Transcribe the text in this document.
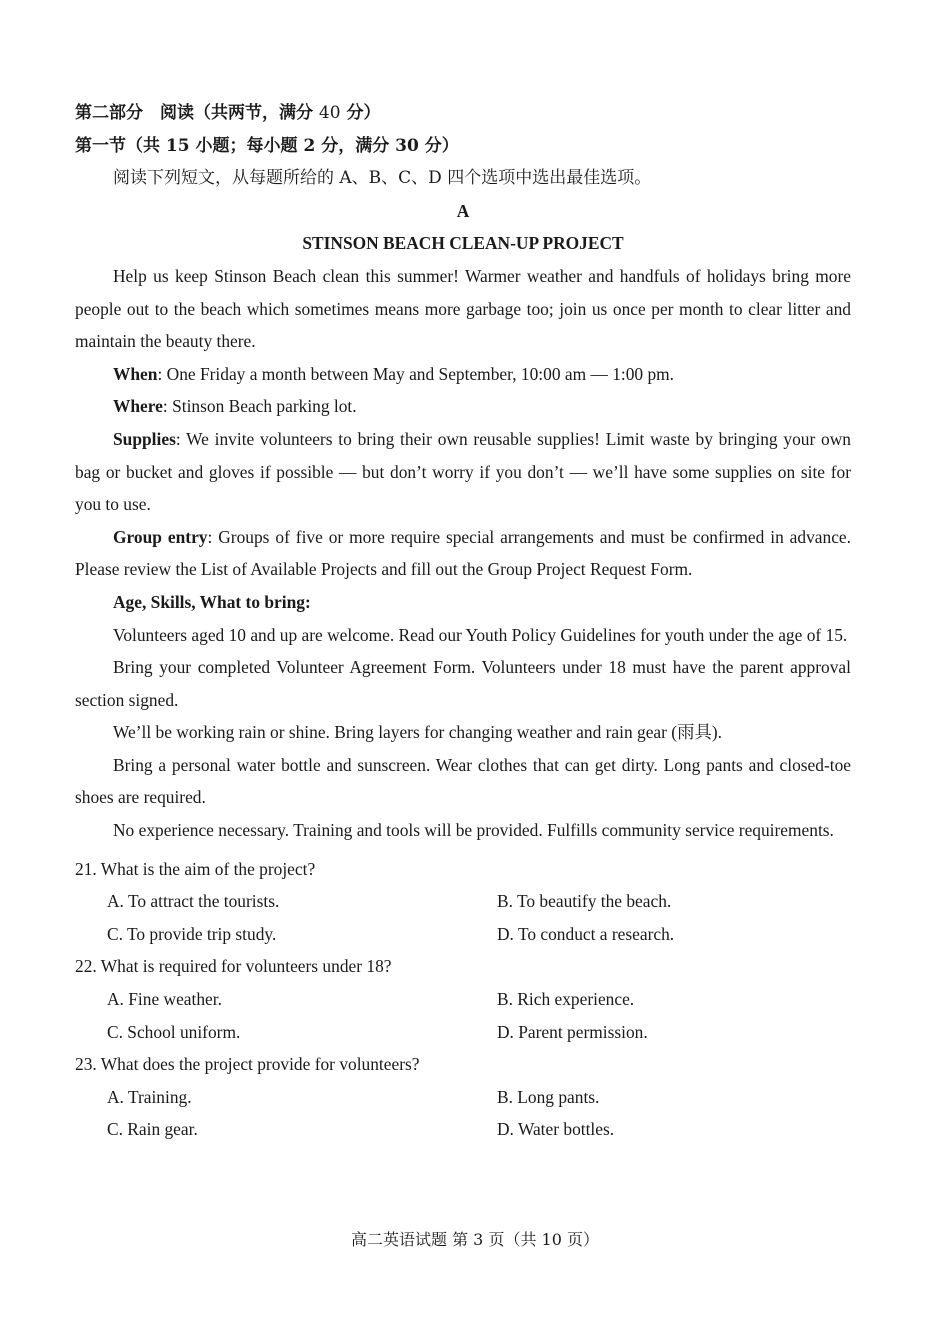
第二部分　阅读（共两节，满分 40 分）
第一节（共 15 小题；每小题 2 分，满分 30 分）
阅读下列短文，从每题所给的 A、B、C、D 四个选项中选出最佳选项。
A
STINSON BEACH CLEAN-UP PROJECT
Help us keep Stinson Beach clean this summer! Warmer weather and handfuls of holidays bring more people out to the beach which sometimes means more garbage too; join us once per month to clear litter and maintain the beauty there.
When: One Friday a month between May and September, 10:00 am — 1:00 pm.
Where: Stinson Beach parking lot.
Supplies: We invite volunteers to bring their own reusable supplies! Limit waste by bringing your own bag or bucket and gloves if possible — but don’t worry if you don’t — we’ll have some supplies on site for you to use.
Group entry: Groups of five or more require special arrangements and must be confirmed in advance. Please review the List of Available Projects and fill out the Group Project Request Form.
Age, Skills, What to bring:
Volunteers aged 10 and up are welcome. Read our Youth Policy Guidelines for youth under the age of 15.
Bring your completed Volunteer Agreement Form. Volunteers under 18 must have the parent approval section signed.
We’ll be working rain or shine. Bring layers for changing weather and rain gear (雨具).
Bring a personal water bottle and sunscreen. Wear clothes that can get dirty. Long pants and closed-toe shoes are required.
No experience necessary. Training and tools will be provided. Fulfills community service requirements.
21. What is the aim of the project?
A. To attract the tourists.	B. To beautify the beach.
C. To provide trip study.	D. To conduct a research.
22. What is required for volunteers under 18?
A. Fine weather.	B. Rich experience.
C. School uniform.	D. Parent permission.
23. What does the project provide for volunteers?
A. Training.	B. Long pants.
C. Rain gear.	D. Water bottles.
高二英语试题 第 3 页（共 10 页）
